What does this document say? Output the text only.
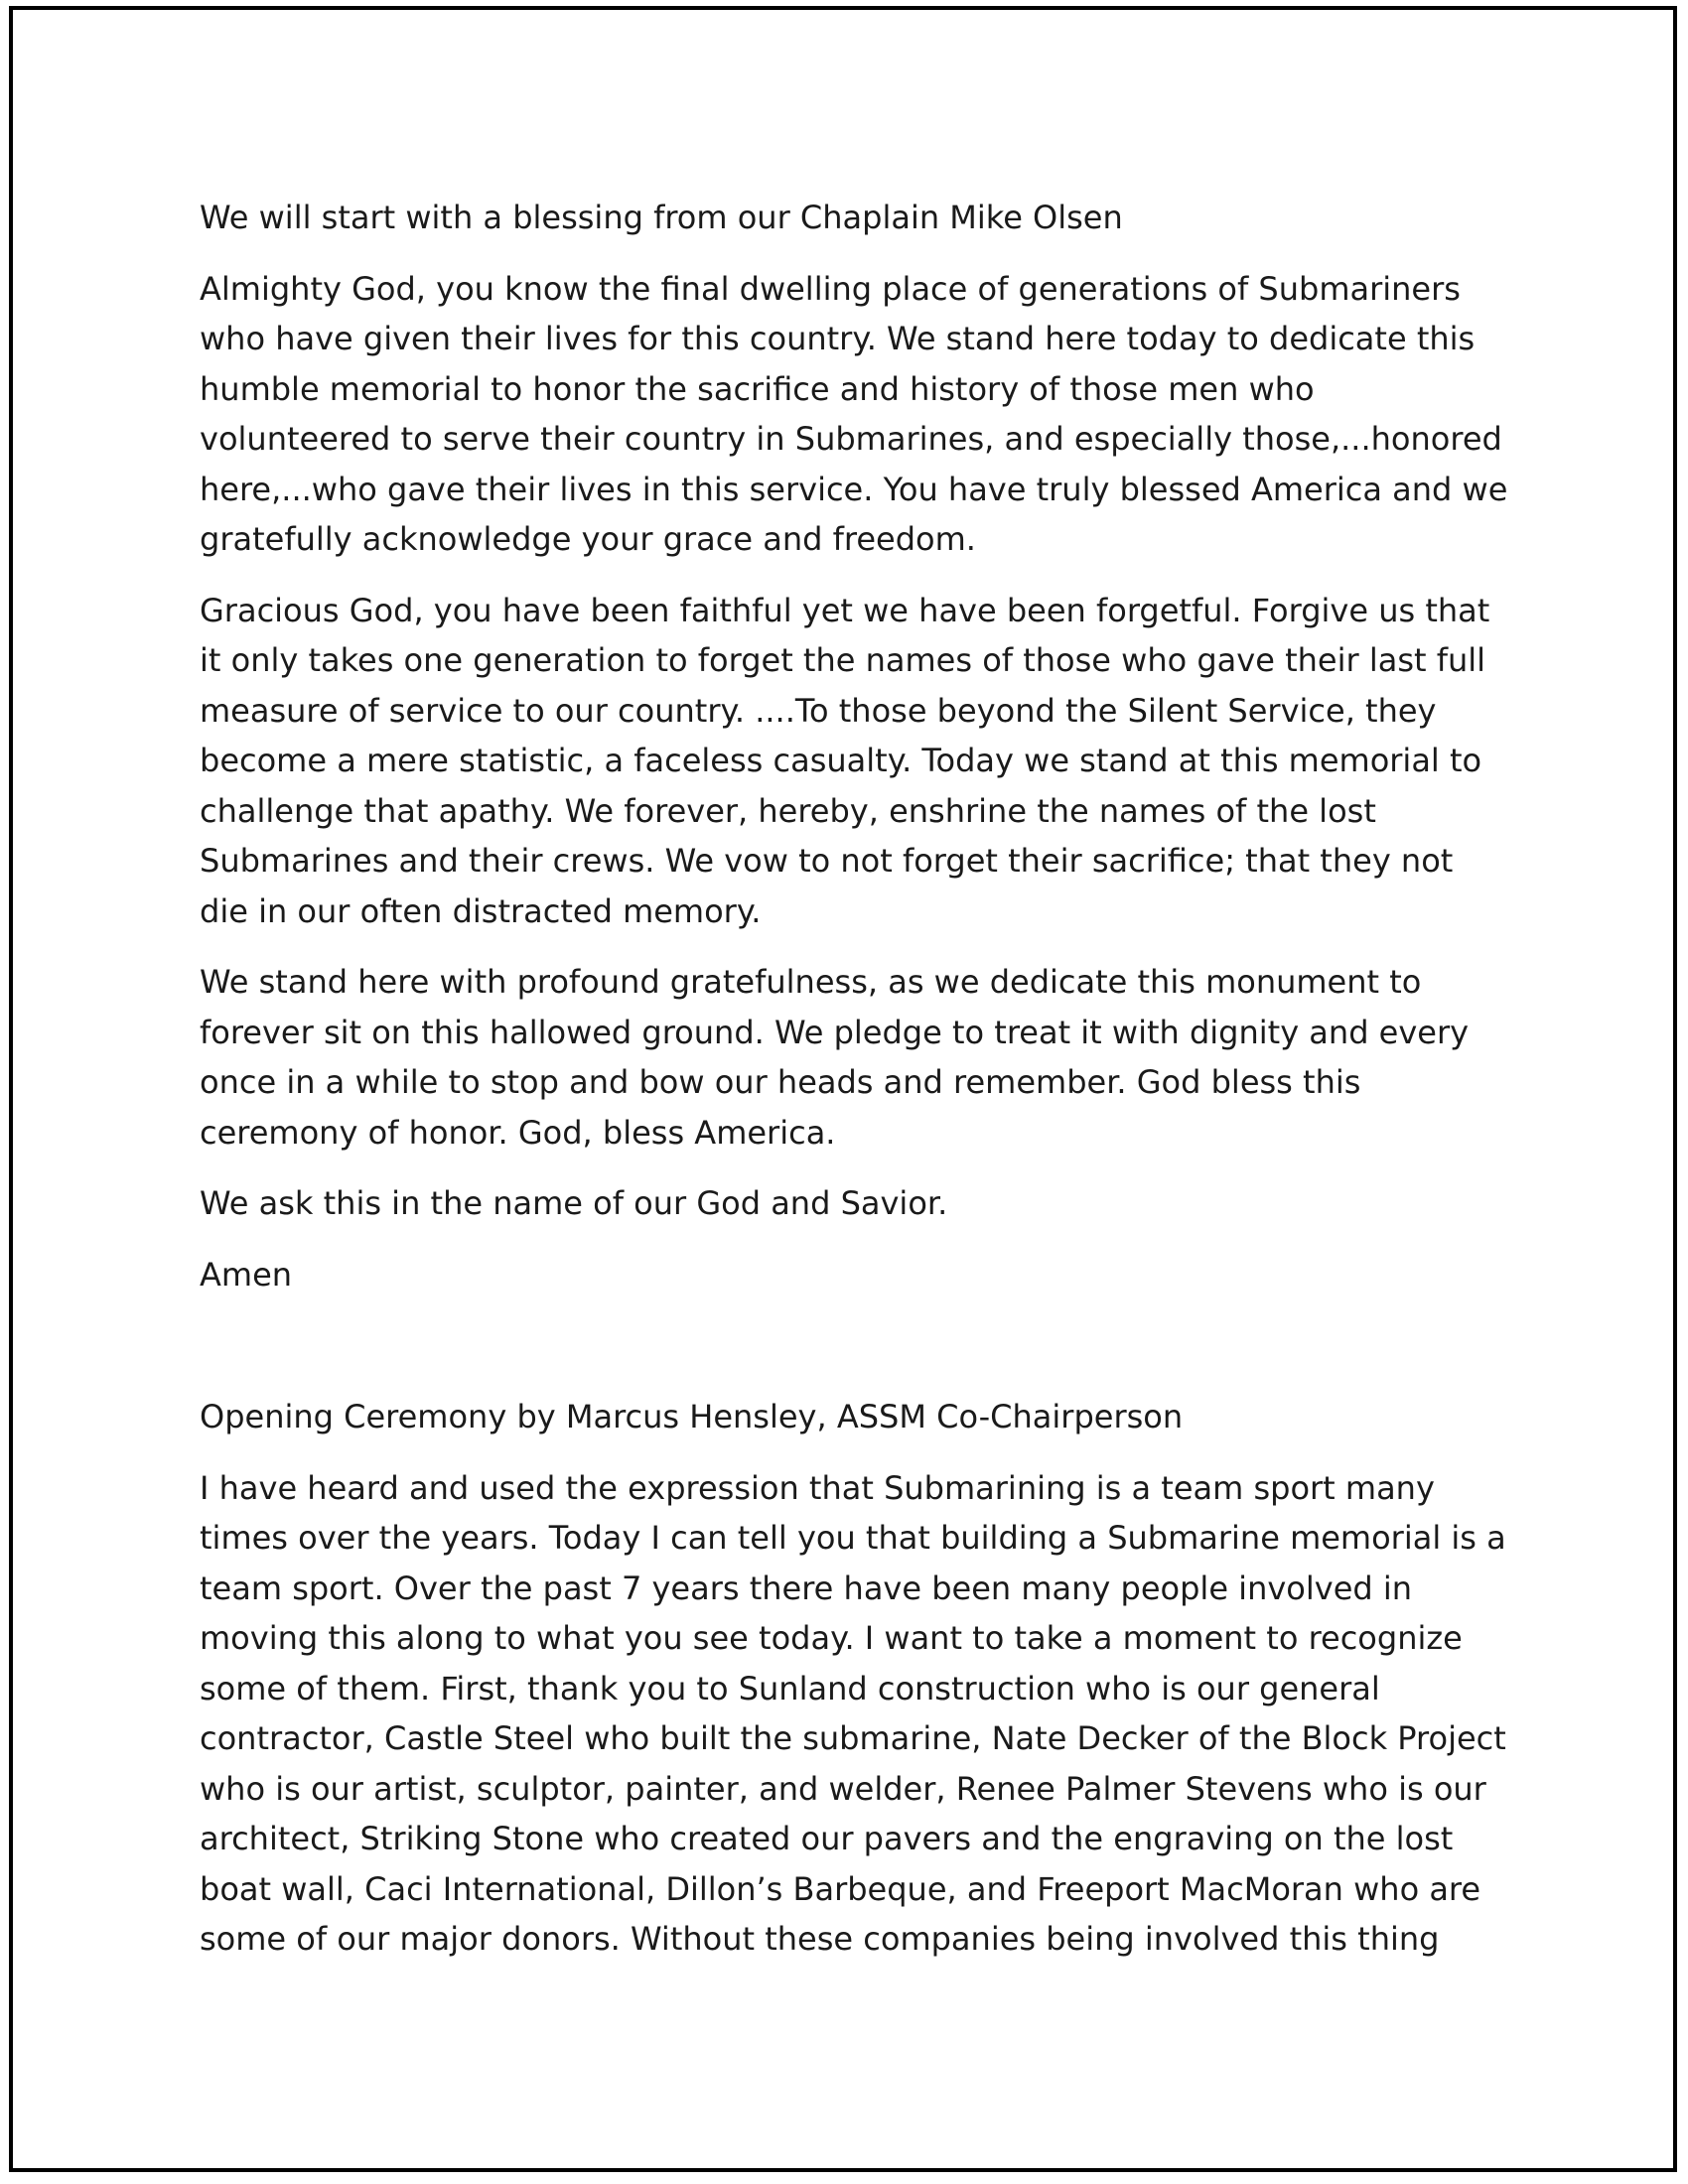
We will start with a blessing from our Chaplain Mike Olsen

Almighty God, you know the final dwelling place of generations of Submariners
who have given their lives for this country. We stand here today to dedicate this
humble memorial to honor the sacrifice and history of those men who
volunteered to serve their country in Submarines, and especially those,...honored
here,...who gave their lives in this service. You have truly blessed America and we
gratefully acknowledge your grace and freedom.

Gracious God, you have been faithful yet we have been forgetful. Forgive us that
it only takes one generation to forget the names of those who gave their last full
measure of service to our country. ....To those beyond the Silent Service, they
become a mere statistic, a faceless casualty. Today we stand at this memorial to
challenge that apathy. We forever, hereby, enshrine the names of the lost
Submarines and their crews. We vow to not forget their sacrifice; that they not
die in our often distracted memory.

We stand here with profound gratefulness, as we dedicate this monument to
forever sit on this hallowed ground. We pledge to treat it with dignity and every
once in a while to stop and bow our heads and remember. God bless this
ceremony of honor. God, bless America.

We ask this in the name of our God and Savior.

Amen

Opening Ceremony by Marcus Hensley, ASSM Co-Chairperson

I have heard and used the expression that Submarining is a team sport many
times over the years. Today I can tell you that building a Submarine memorial is a
team sport. Over the past 7 years there have been many people involved in
moving this along to what you see today. I want to take a moment to recognize
some of them. First, thank you to Sunland construction who is our general
contractor, Castle Steel who built the submarine, Nate Decker of the Block Project
who is our artist, sculptor, painter, and welder, Renee Palmer Stevens who is our
architect, Striking Stone who created our pavers and the engraving on the lost
boat wall, Caci International, Dillon’s Barbeque, and Freeport MacMoran who are
some of our major donors. Without these companies being involved this thing
